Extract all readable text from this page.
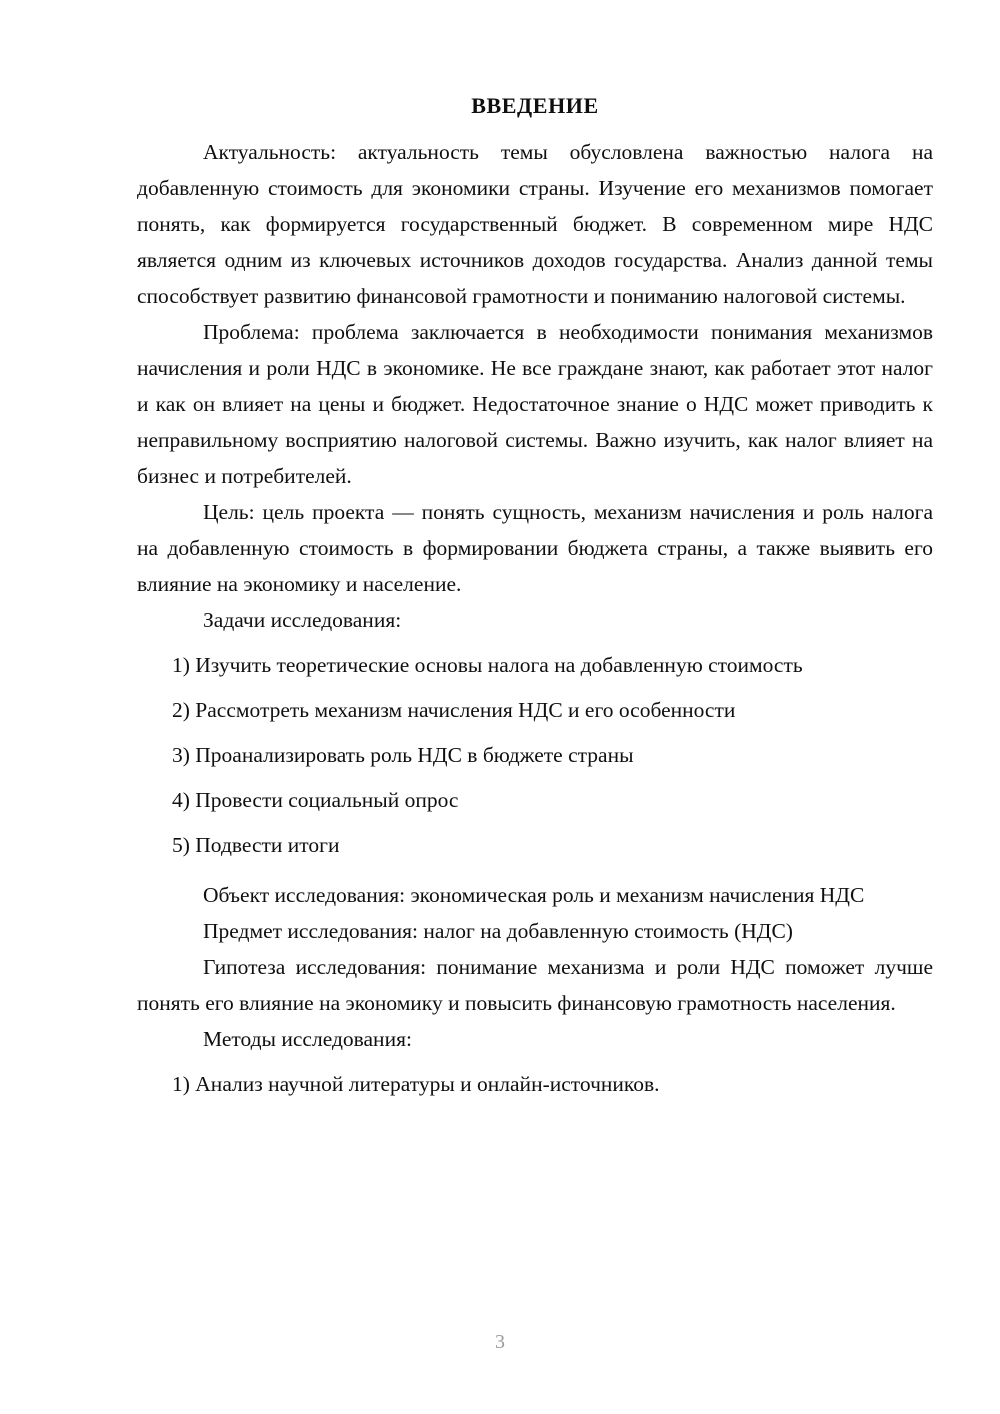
ВВЕДЕНИЕ

Актуальность: актуальность темы обусловлена важностью налога на добавленную стоимость для экономики страны. Изучение его механизмов помогает понять, как формируется государственный бюджет. В современном мире НДС является одним из ключевых источников доходов государства. Анализ данной темы способствует развитию финансовой грамотности и пониманию налоговой системы.

Проблема: проблема заключается в необходимости понимания механизмов начисления и роли НДС в экономике. Не все граждане знают, как работает этот налог и как он влияет на цены и бюджет. Недостаточное знание о НДС может приводить к неправильному восприятию налоговой системы. Важно изучить, как налог влияет на бизнес и потребителей.

Цель: цель проекта — понять сущность, механизм начисления и роль налога на добавленную стоимость в формировании бюджета страны, а также выявить его влияние на экономику и население.

Задачи исследования:

1) Изучить теоретические основы налога на добавленную стоимость
2) Рассмотреть механизм начисления НДС и его особенности
3) Проанализировать роль НДС в бюджете страны
4) Провести социальный опрос
5) Подвести итоги

Объект исследования: экономическая роль и механизм начисления НДС

Предмет исследования: налог на добавленную стоимость (НДС)

Гипотеза исследования: понимание механизма и роли НДС поможет лучше понять его влияние на экономику и повысить финансовую грамотность населения.

Методы исследования:

1) Анализ научной литературы и онлайн-источников.
3
